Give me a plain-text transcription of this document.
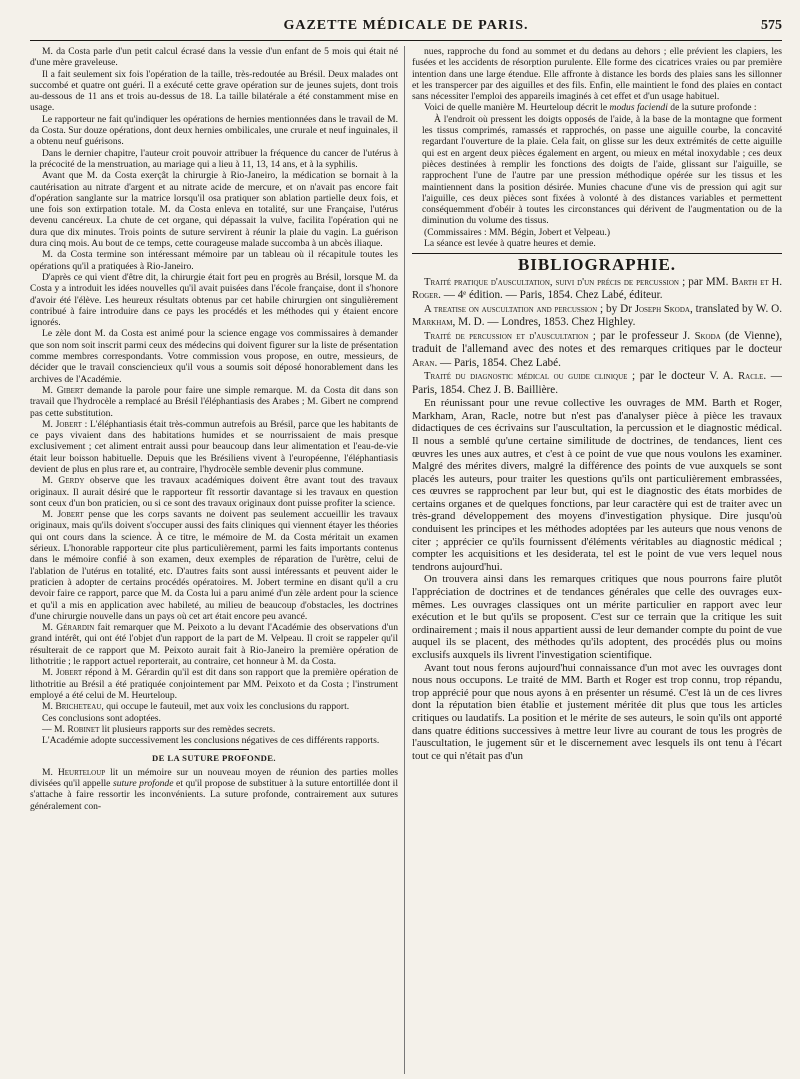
GAZETTE MÉDICALE DE PARIS.	575

M. da Costa parle d'un petit calcul écrasé dans la vessie d'un enfant de 5 mois qui était né d'une mère graveleuse.

Il a fait seulement six fois l'opération de la taille, très-redoutée au Brésil. Deux malades ont succombé et quatre ont guéri. Il a exécuté cette grave opération sur de jeunes sujets, dont trois au-dessous de 11 ans et trois au-dessus de 18. La taille bilatérale a été constamment mise en usage.

Le rapporteur ne fait qu'indiquer les opérations de hernies mentionnées dans le travail de M. da Costa. Sur douze opérations, dont deux hernies ombilicales, une crurale et neuf inguinales, il a obtenu neuf guérisons.

Dans le dernier chapitre, l'auteur croit pouvoir attribuer la fréquence du cancer de l'utérus à la précocité de la menstruation, au mariage qui a lieu à 11, 13, 14 ans, et à la syphilis.

Avant que M. da Costa exerçât la chirurgie à Rio-Janeiro, la médication se bornait à la cautérisation au nitrate d'argent et au nitrate acide de mercure, et on n'avait pas encore fait d'opération sanglante sur la matrice lorsqu'il osa pratiquer son ablation partielle deux fois, et une fois son extirpation totale. M. da Costa enleva en totalité, sur une Française, l'utérus devenu cancéreux. La chute de cet organe, qui dépassait la vulve, facilita l'opération qui ne dura que dix minutes. Trois points de suture servirent à réunir la plaie du vagin. La guérison dura cinq mois. Au bout de ce temps, cette courageuse malade succomba à un abcès iliaque.

M. da Costa termine son intéressant mémoire par un tableau où il récapitule toutes les opérations qu'il a pratiquées à Rio-Janeiro.

D'après ce qui vient d'être dit, la chirurgie était fort peu en progrès au Brésil, lorsque M. da Costa y a introduit les idées nouvelles qu'il avait puisées dans l'école française, dont il s'honore d'avoir été l'élève. Les heureux résultats obtenus par cet habile chirurgien ont singulièrement contribué à faire introduire dans ce pays les procédés et les méthodes qui y étaient encore ignorés.

Le zèle dont M. da Costa est animé pour la science engage vos commissaires à demander que son nom soit inscrit parmi ceux des médecins qui doivent figurer sur la liste de présentation comme membres correspondants. Votre commission vous propose, en outre, messieurs, de décider que le travail consciencieux qu'il vous a soumis soit déposé honorablement dans les archives de l'Académie.

M. Gibert demande la parole pour faire une simple remarque. M. da Costa dit dans son travail que l'hydrocèle a remplacé au Brésil l'éléphantiasis des Arabes ; M. Gibert ne comprend pas cette substitution.

M. Jobert : L'éléphantiasis était très-commun autrefois au Brésil, parce que les habitants de ce pays vivaient dans des habitations humides et se nourrissaient de mais presque exclusivement ; cet aliment entrait aussi pour beaucoup dans leur alimentation et l'eau-de-vie était leur boisson habituelle. Depuis que les Brésiliens vivent à l'européenne, l'éléphantiasis devient de plus en plus rare et, au contraire, l'hydrocèle semble devenir plus commune.

M. Gerdy observe que les travaux académiques doivent être avant tout des travaux originaux. Il aurait désiré que le rapporteur fît ressortir davantage si les travaux en question sont ceux d'un bon praticien, ou si ce sont des travaux originaux dont puisse profiter la science.

M. Jobert pense que les corps savants ne doivent pas seulement accueillir les travaux originaux, mais qu'ils doivent s'occuper aussi des faits cliniques qui viennent étayer les théories qui ont cours dans la science. À ce titre, le mémoire de M. da Costa méritait un examen sérieux. L'honorable rapporteur cite plus particulièrement, parmi les faits importants contenus dans le mémoire confié à son examen, deux exemples de réparation de l'urètre, celui de l'ablation de l'utérus en totalité, etc. D'autres faits sont aussi intéressants et peuvent aider le praticien à adopter de certains procédés opératoires. M. Jobert termine en disant qu'il a cru devoir faire ce rapport, parce que M. da Costa lui a paru animé d'un zèle ardent pour la science et qu'il a mis en application avec habileté, au milieu de beaucoup d'obstacles, les doctrines d'une chirurgie nouvelle dans un pays où cet art était encore peu avancé.

M. Gérardin fait remarquer que M. Peixoto a lu devant l'Académie des observations d'un grand intérêt, qui ont été l'objet d'un rapport de la part de M. Velpeau. Il croit se rappeler qu'il résulterait de ce rapport que M. Peixoto aurait fait à Rio-Janeiro la première opération de lithotritie ; le rapport actuel reporterait, au contraire, cet honneur à M. da Costa.

M. Jobert répond à M. Gérardin qu'il est dit dans son rapport que la première opération de lithotritie au Brésil a été pratiquée conjointement par MM. Peixoto et da Costa ; l'instrument employé a été celui de M. Heurteloup.

M. Bricheteau, qui occupe le fauteuil, met aux voix les conclusions du rapport.

Ces conclusions sont adoptées.

— M. Robinet lit plusieurs rapports sur des remèdes secrets.

L'Académie adopte successivement les conclusions négatives de ces différents rapports.

DE LA SUTURE PROFONDE.

M. Heurteloup lit un mémoire sur un nouveau moyen de réunion des parties molles divisées qu'il appelle suture profonde et qu'il propose de substituer à la suture entortillée dont il s'attache à faire ressortir les inconvénients. La suture profonde, contrairement aux sutures généralement con-

nues, rapproche du fond au sommet et du dedans au dehors ; elle prévient les clapiers, les fusées et les accidents de résorption purulente. Elle forme des cicatrices vraies ou par première intention dans une large étendue. Elle affronte à distance les bords des plaies sans les sillonner et les transpercer par des aiguilles et des fils. Enfin, elle maintient le fond des plaies en contact sans nécessiter l'emploi des appareils imaginés à cet effet et d'un usage habituel.

Voici de quelle manière M. Heurteloup décrit le modus faciendi de la suture profonde :

À l'endroit où pressent les doigts opposés de l'aide, à la base de la montagne que forment les tissus comprimés, ramassés et rapprochés, on passe une aiguille courbe, la concavité regardant l'ouverture de la plaie. Cela fait, on glisse sur les deux extrémités de cette aiguille qui est en argent deux pièces également en argent, ou mieux en métal inoxydable ; ces deux pièces destinées à remplir les fonctions des doigts de l'aide, glissant sur l'aiguille, se rapprochent l'une de l'autre par une pression méthodique opérée sur les tissus et les maintiennent dans la position désirée. Munies chacune d'une vis de pression qui agit sur l'aiguille, ces deux pièces sont fixées à volonté à des distances variables et permettent conséquemment d'obéir à toutes les circonstances qui dérivent de l'augmentation ou de la diminution du volume des tissus.

(Commissaires : MM. Bégin, Jobert et Velpeau.)

La séance est levée à quatre heures et demie.

BIBLIOGRAPHIE.

Traité pratique d'auscultation, suivi d'un précis de percussion ; par MM. Barth et H. Roger. — 4ᵉ édition. — Paris, 1854. Chez Labé, éditeur.

A treatise on auscultation and percussion ; by Dr Joseph Skoda, translated by W. O. Markham, M. D. — Londres, 1853. Chez Highley.

Traité de percussion et d'auscultation ; par le professeur J. Skoda (de Vienne), traduit de l'allemand avec des notes et des remarques critiques par le docteur Aran. — Paris, 1854. Chez Labé.

Traité du diagnostic médical ou guide clinique ; par le docteur V. A. Racle. — Paris, 1854. Chez J. B. Baillière.

En réunissant pour une revue collective les ouvrages de MM. Barth et Roger, Markham, Aran, Racle, notre but n'est pas d'analyser pièce à pièce les travaux didactiques de ces écrivains sur l'auscultation, la percussion et le diagnostic médical. Il nous a semblé qu'une certaine similitude de doctrines, de tendances, lient ces œuvres les unes aux autres, et c'est à ce point de vue que nous voulons les examiner. Malgré des mérites divers, malgré la différence des points de vue auxquels se sont placés les auteurs, pour traiter les questions qu'ils ont particulièrement embrassées, ces œuvres se rapprochent par leur but, qui est le diagnostic des états morbides de certains organes et de quelques fonctions, par leur caractère qui est de traiter avec un très-grand développement des moyens d'investigation physique. Dire jusqu'où conduisent les principes et les méthodes adoptées par les auteurs que nous venons de citer ; apprécier ce qu'ils fournissent d'éléments véritables au diagnostic médical ; compter les acquisitions et les desiderata, tel est le point de vue vers lequel nous tendrons aujourd'hui.

On trouvera ainsi dans les remarques critiques que nous pourrons faire plutôt l'appréciation de doctrines et de tendances générales que celle des ouvrages eux-mêmes. Les ouvrages classiques ont un mérite particulier en rapport avec leur exécution et le but qu'ils se proposent. C'est sur ce terrain que la critique les suit ordinairement ; mais il nous appartient aussi de leur demander compte du point de vue auquel ils se placent, des méthodes qu'ils adoptent, des procédés plus ou moins exclusifs auxquels ils livrent l'investigation scientifique.

Avant tout nous ferons aujourd'hui connaissance d'un mot avec les ouvrages dont nous nous occupons. Le traité de MM. Barth et Roger est trop connu, trop répandu, trop apprécié pour que nous ayons à en présenter un résumé. C'est là un de ces livres dont la réputation bien établie et justement méritée dit plus que tous les articles critiques ou laudatifs. La position et le mérite de ses auteurs, le soin qu'ils ont apporté dans quatre éditions successives à mettre leur livre au courant de tous les progrès de l'auscultation, le jugement sûr et le discernement avec lesquels ils ont tenu à l'écart tout ce qui n'était pas d'un
